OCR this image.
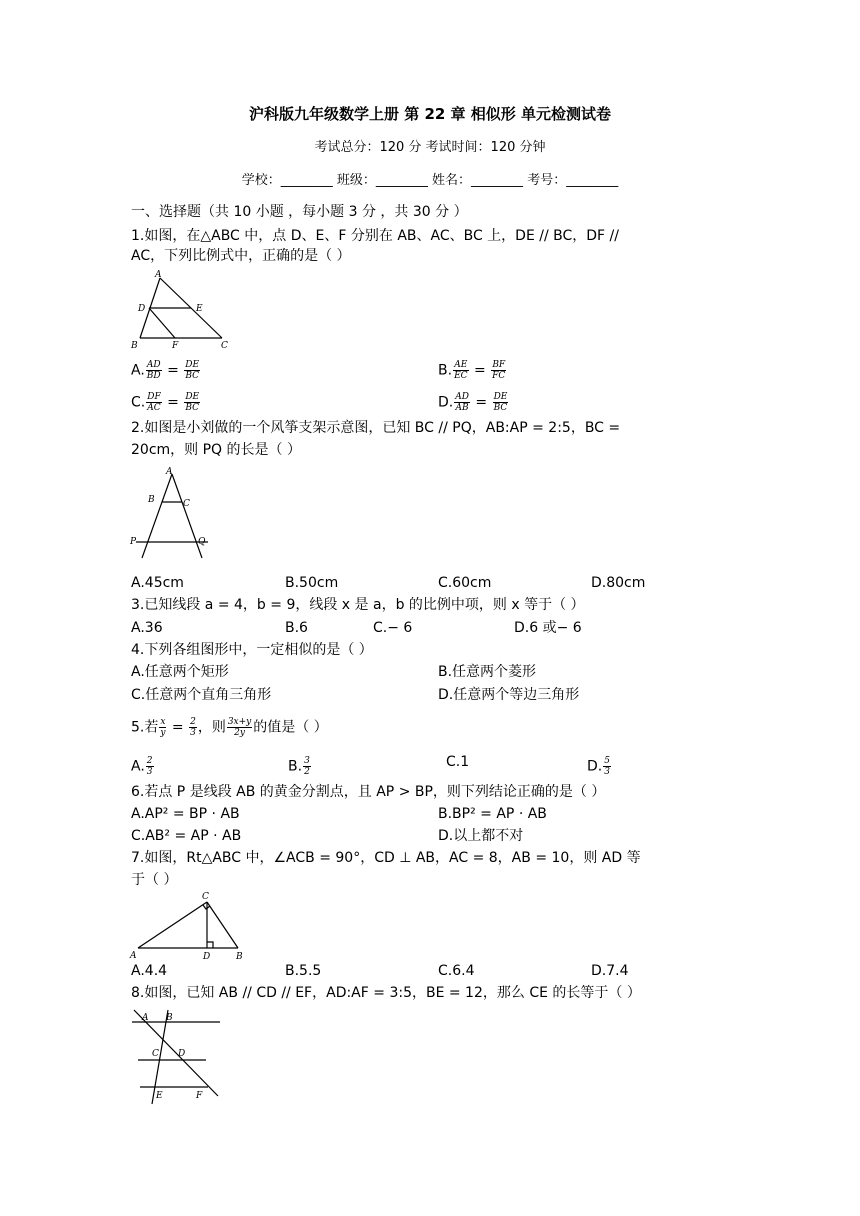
沪科版九年级数学上册 第 22 章 相似形 单元检测试卷
考试总分：120 分 考试时间：120 分钟
学校：________ 班级：________ 姓名：________ 考号：________
一、选择题（共 10 小题 ，每小题 3 分 ，共 30 分 ）
1.如图，在△ABC 中，点 D、E、F 分别在 AB、AC、BC 上，DE // BC，DF //
AC，下列比例式中，正确的是（ ）
A
D	E
B	F	C
A. $\frac{AD}{BD} = \frac{DE}{BC}$	B. $\frac{AE}{EC} = \frac{BF}{FC}$
C. $\frac{DF}{AC} = \frac{DE}{BC}$	D. $\frac{AD}{AB} = \frac{DE}{BC}$
2.如图是小刘做的一个风筝支架示意图，已知 BC // PQ，AB:AP = 2:5，BC =
20cm，则 PQ 的长是（ ）
A
B	C
P	Q
A.45cm	B.50cm	C.60cm	D.80cm
3.已知线段 a = 4，b = 9，线段 x 是 a，b 的比例中项，则 x 等于（ ）
A.36	B.6	C.− 6	D.6 或− 6
4.下列各组图形中，一定相似的是（ ）
A.任意两个矩形	B.任意两个菱形
C.任意两个直角三角形	D.任意两个等边三角形
5.若 $\frac{x}{y} = \frac{2}{3}$ ，则 $\frac{3x+y}{2y}$ 的值是（ ）
A. $\frac{2}{3}$	B. $\frac{3}{2}$	C.1	D. $\frac{5}{3}$
6.若点 P 是线段 AB 的黄金分割点，且 AP > BP，则下列结论正确的是（ ）
A.AP² = BP · AB	B.BP² = AP · AB
C.AB² = AP · AB	D.以上都不对
7.如图，Rt△ABC 中，∠ACB = 90°，CD ⊥ AB，AC = 8，AB = 10，则 AD 等
于（ ）
C
A	D	B
A.4.4	B.5.5	C.6.4	D.7.4
8.如图，已知 AB // CD // EF，AD:AF = 3:5，BE = 12，那么 CE 的长等于（ ）
A B
C D
E	F
